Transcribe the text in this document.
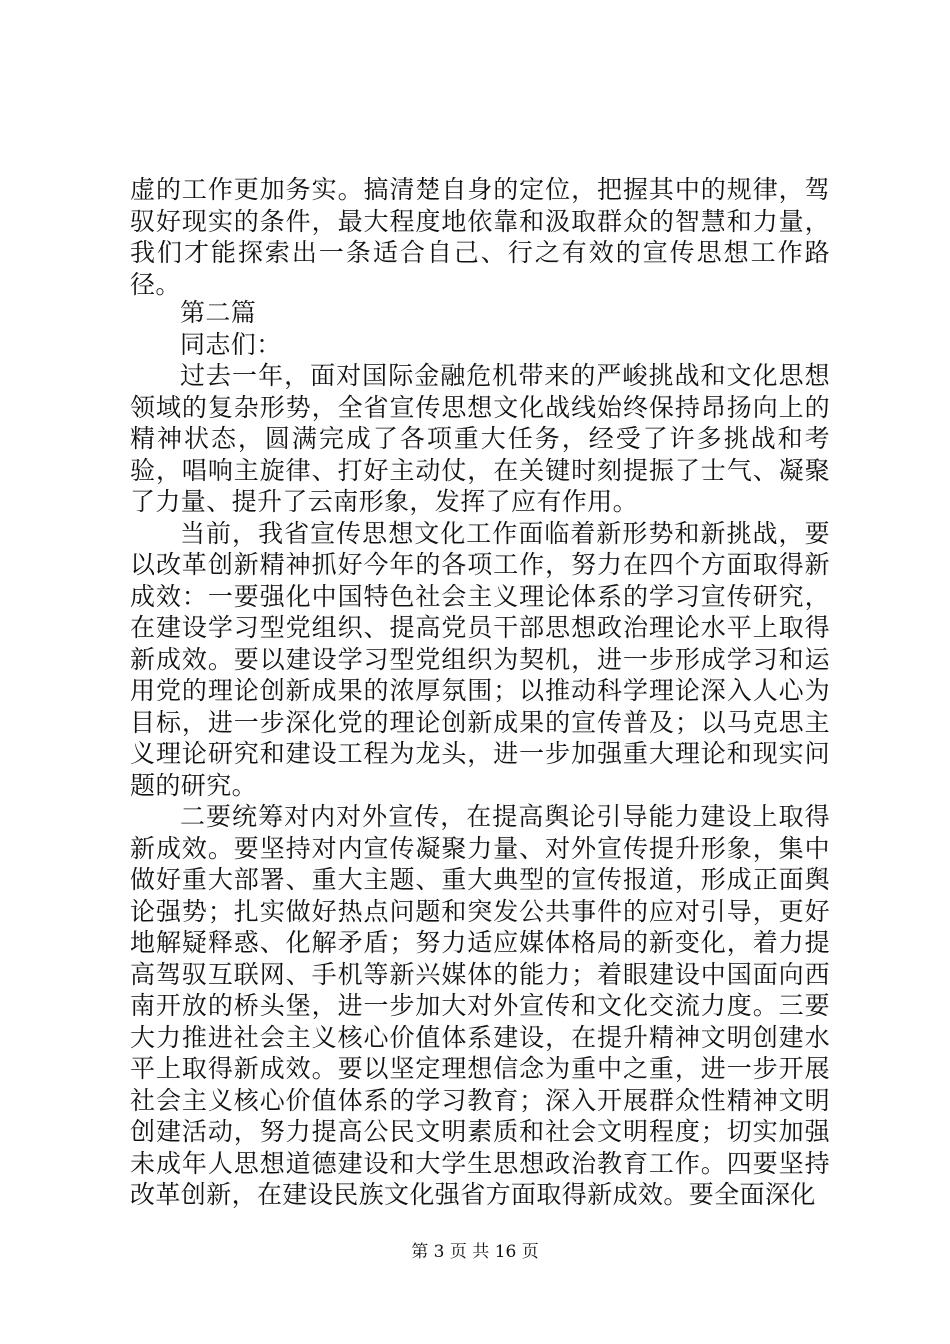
虚的工作更加务实。搞清楚自身的定位，把握其中的规律，驾驭好现实的条件，最大程度地依靠和汲取群众的智慧和力量，我们才能探索出一条适合自己、行之有效的宣传思想工作路径。

第二篇

同志们：

过去一年，面对国际金融危机带来的严峻挑战和文化思想领域的复杂形势，全省宣传思想文化战线始终保持昂扬向上的精神状态，圆满完成了各项重大任务，经受了许多挑战和考验，唱响主旋律、打好主动仗，在关键时刻提振了士气、凝聚了力量、提升了云南形象，发挥了应有作用。

当前，我省宣传思想文化工作面临着新形势和新挑战，要以改革创新精神抓好今年的各项工作，努力在四个方面取得新成效：一要强化中国特色社会主义理论体系的学习宣传研究，在建设学习型党组织、提高党员干部思想政治理论水平上取得新成效。要以建设学习型党组织为契机，进一步形成学习和运用党的理论创新成果的浓厚氛围；以推动科学理论深入人心为目标，进一步深化党的理论创新成果的宣传普及；以马克思主义理论研究和建设工程为龙头，进一步加强重大理论和现实问题的研究。

二要统筹对内对外宣传，在提高舆论引导能力建设上取得新成效。要坚持对内宣传凝聚力量、对外宣传提升形象，集中做好重大部署、重大主题、重大典型的宣传报道，形成正面舆论强势；扎实做好热点问题和突发公共事件的应对引导，更好地解疑释惑、化解矛盾；努力适应媒体格局的新变化，着力提高驾驭互联网、手机等新兴媒体的能力；着眼建设中国面向西南开放的桥头堡，进一步加大对外宣传和文化交流力度。三要大力推进社会主义核心价值体系建设，在提升精神文明创建水平上取得新成效。要以坚定理想信念为重中之重，进一步开展社会主义核心价值体系的学习教育；深入开展群众性精神文明创建活动，努力提高公民文明素质和社会文明程度；切实加强未成年人思想道德建设和大学生思想政治教育工作。四要坚持改革创新，在建设民族文化强省方面取得新成效。要全面深化

第 3 页 共 16 页
